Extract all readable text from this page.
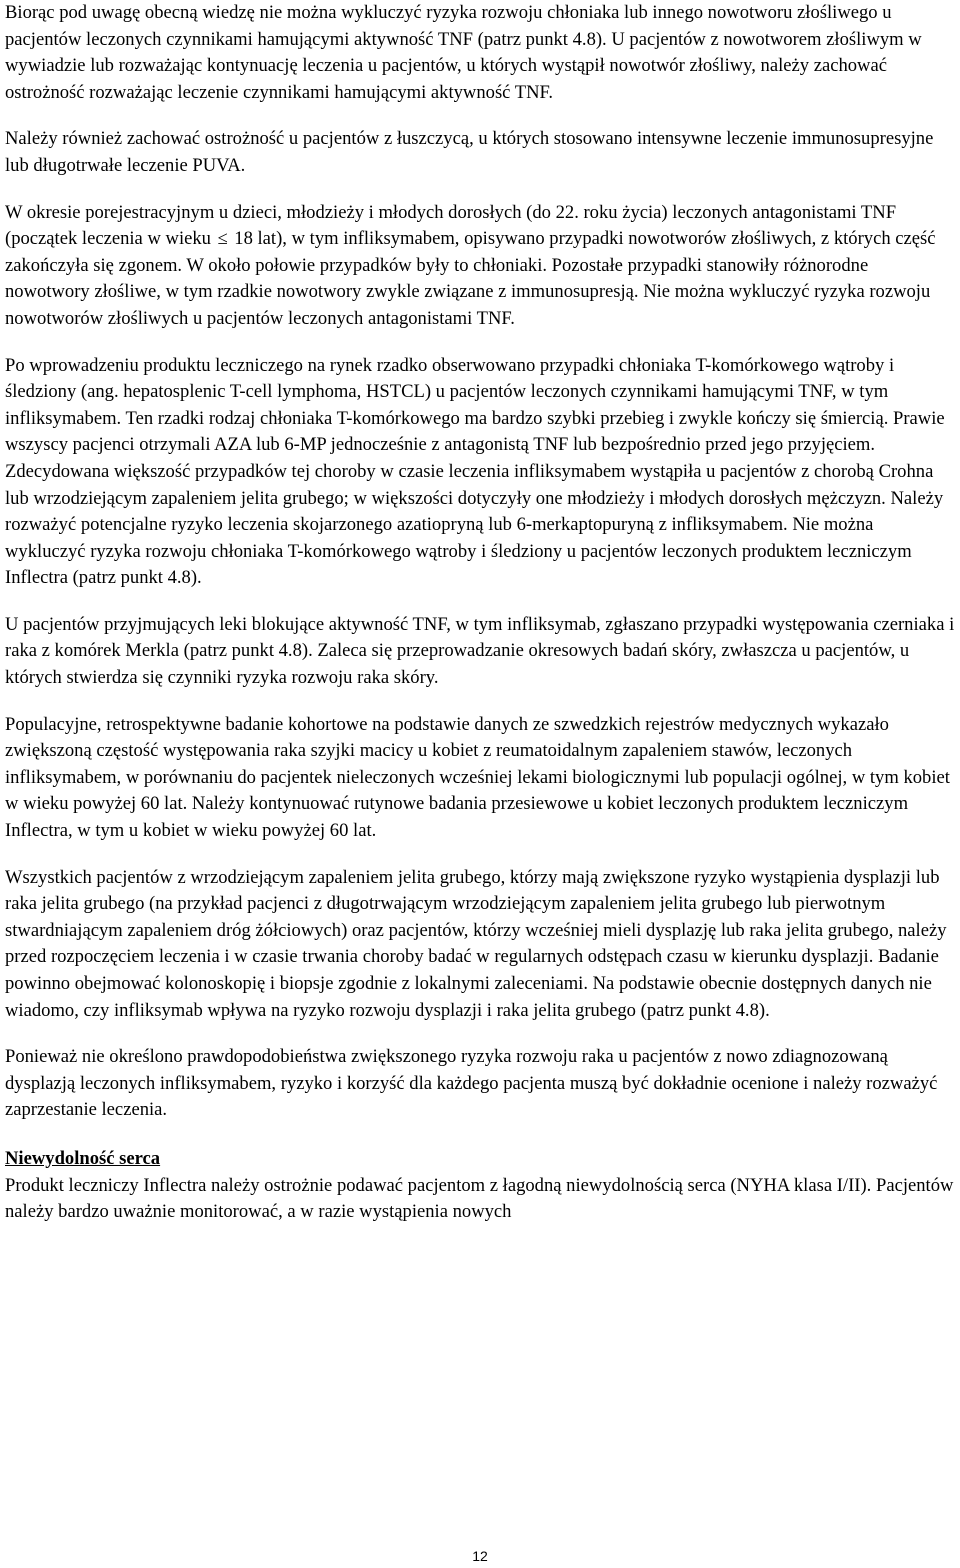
Biorąc pod uwagę obecną wiedzę nie można wykluczyć ryzyka rozwoju chłoniaka lub innego nowotworu złośliwego u pacjentów leczonych czynnikami hamującymi aktywność TNF (patrz punkt 4.8). U pacjentów z nowotworem złośliwym w wywiadzie lub rozważając kontynuację leczenia u pacjentów, u których wystąpił nowotwór złośliwy, należy zachować ostrożność rozważając leczenie czynnikami hamującymi aktywność TNF.

Należy również zachować ostrożność u pacjentów z łuszczycą, u których stosowano intensywne leczenie immunosupresyjne lub długotrwałe leczenie PUVA.

W okresie porejestracyjnym u dzieci, młodzieży i młodych dorosłych (do 22. roku życia) leczonych antagonistami TNF (początek leczenia w wieku ≤ 18 lat), w tym infliksymabem, opisywano przypadki nowotworów złośliwych, z których część zakończyła się zgonem. W około połowie przypadków były to chłoniaki. Pozostałe przypadki stanowiły różnorodne nowotwory złośliwe, w tym rzadkie nowotwory zwykle związane z immunosupresją. Nie można wykluczyć ryzyka rozwoju nowotworów złośliwych u pacjentów leczonych antagonistami TNF.

Po wprowadzeniu produktu leczniczego na rynek rzadko obserwowano przypadki chłoniaka T-komórkowego wątroby i śledziony (ang. hepatosplenic T-cell lymphoma, HSTCL) u pacjentów leczonych czynnikami hamującymi TNF, w tym infliksymabem. Ten rzadki rodzaj chłoniaka T-komórkowego ma bardzo szybki przebieg i zwykle kończy się śmiercią. Prawie wszyscy pacjenci otrzymali AZA lub 6-MP jednocześnie z antagonistą TNF lub bezpośrednio przed jego przyjęciem. Zdecydowana większość przypadków tej choroby w czasie leczenia infliksymabem wystąpiła u pacjentów z chorobą Crohna lub wrzodziejącym zapaleniem jelita grubego; w większości dotyczyły one młodzieży i młodych dorosłych mężczyzn. Należy rozważyć potencjalne ryzyko leczenia skojarzonego azatiopryną lub 6-merkaptopuryną z infliksymabem. Nie można wykluczyć ryzyka rozwoju chłoniaka T-komórkowego wątroby i śledziony u pacjentów leczonych produktem leczniczym Inflectra (patrz punkt 4.8).

U pacjentów przyjmujących leki blokujące aktywność TNF, w tym infliksymab, zgłaszano przypadki występowania czerniaka i raka z komórek Merkla (patrz punkt 4.8). Zaleca się przeprowadzanie okresowych badań skóry, zwłaszcza u pacjentów, u których stwierdza się czynniki ryzyka rozwoju raka skóry.

Populacyjne, retrospektywne badanie kohortowe na podstawie danych ze szwedzkich rejestrów medycznych wykazało zwiększoną częstość występowania raka szyjki macicy u kobiet z reumatoidalnym zapaleniem stawów, leczonych infliksymabem, w porównaniu do pacjentek nieleczonych wcześniej lekami biologicznymi lub populacji ogólnej, w tym kobiet w wieku powyżej 60 lat. Należy kontynuować rutynowe badania przesiewowe u kobiet leczonych produktem leczniczym Inflectra, w tym u kobiet w wieku powyżej 60 lat.

Wszystkich pacjentów z wrzodziejącym zapaleniem jelita grubego, którzy mają zwiększone ryzyko wystąpienia dysplazji lub raka jelita grubego (na przykład pacjenci z długotrwającym wrzodziejącym zapaleniem jelita grubego lub pierwotnym stwardniającym zapaleniem dróg żółciowych) oraz pacjentów, którzy wcześniej mieli dysplazję lub raka jelita grubego, należy przed rozpoczęciem leczenia i w czasie trwania choroby badać w regularnych odstępach czasu w kierunku dysplazji. Badanie powinno obejmować kolonoskopię i biopsje zgodnie z lokalnymi zaleceniami. Na podstawie obecnie dostępnych danych nie wiadomo, czy infliksymab wpływa na ryzyko rozwoju dysplazji i raka jelita grubego (patrz punkt 4.8).

Ponieważ nie określono prawdopodobieństwa zwiększonego ryzyka rozwoju raka u pacjentów z nowo zdiagnozowaną dysplazją leczonych infliksymabem, ryzyko i korzyść dla każdego pacjenta muszą być dokładnie ocenione i należy rozważyć zaprzestanie leczenia.

Niewydolność serca

Produkt leczniczy Inflectra należy ostrożnie podawać pacjentom z łagodną niewydolnością serca (NYHA klasa I/II). Pacjentów należy bardzo uważnie monitorować, a w razie wystąpienia nowych

12
